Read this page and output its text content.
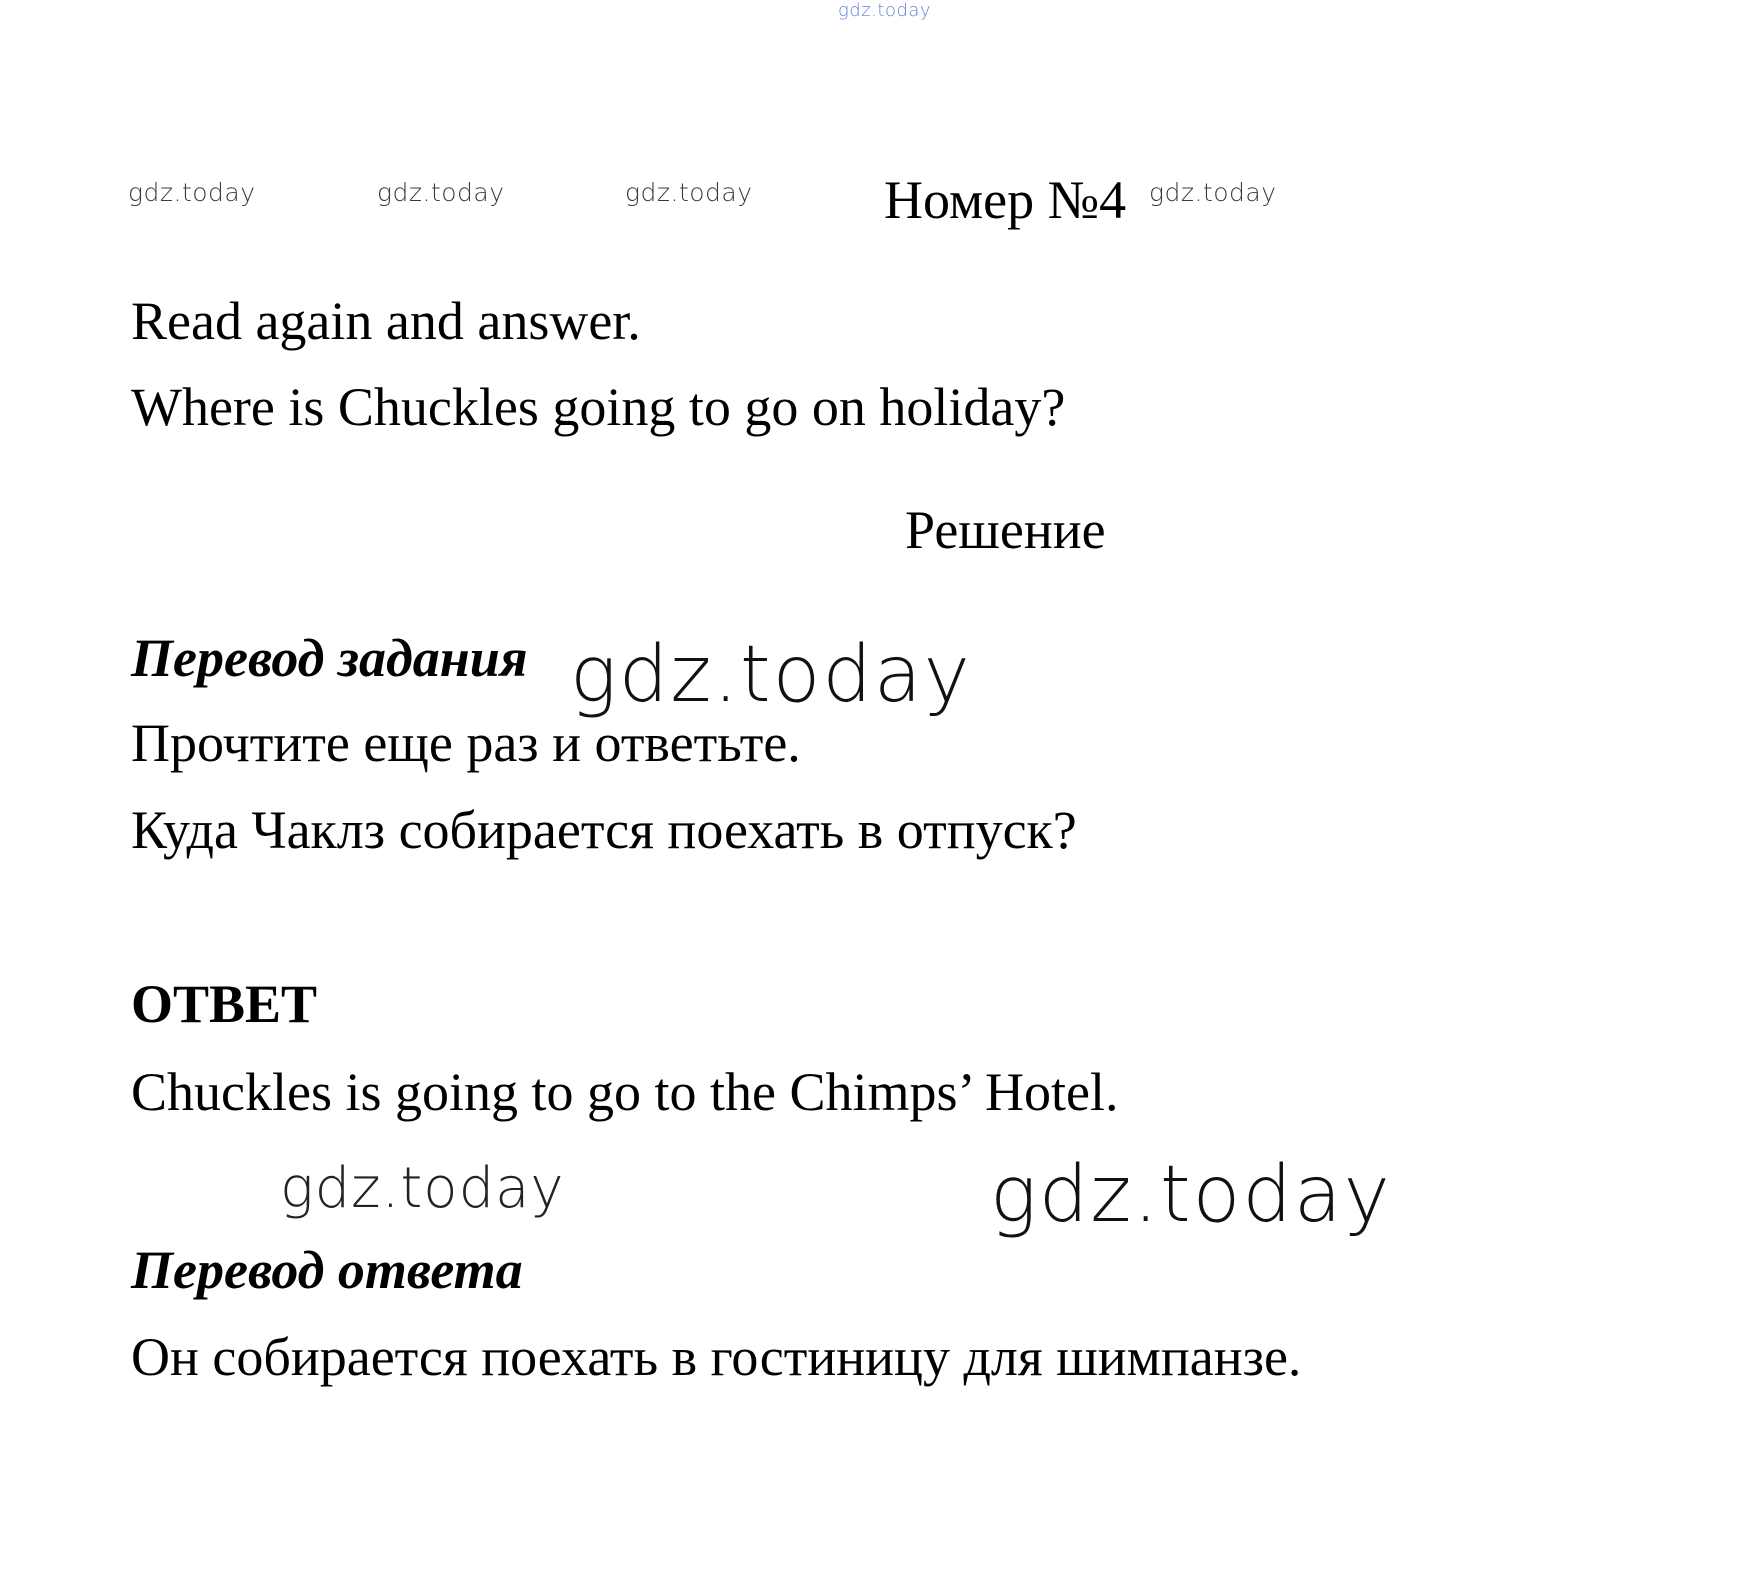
gdz.today
gdz.today	gdz.today	gdz.today Номер №4 gdz.today
Read again and answer.
Where is Chuckles going to go on holiday?
Решение
Перевод задания gdz.today
Прочтите еще раз и ответьте.
Куда Чаклз собирается поехать в отпуск?
ОТВЕТ
Chuckles is going to go to the Chimps’ Hotel.
gdz.today	gdz.today
Перевод ответа
Он собирается поехать в гостиницу для шимпанзе.
